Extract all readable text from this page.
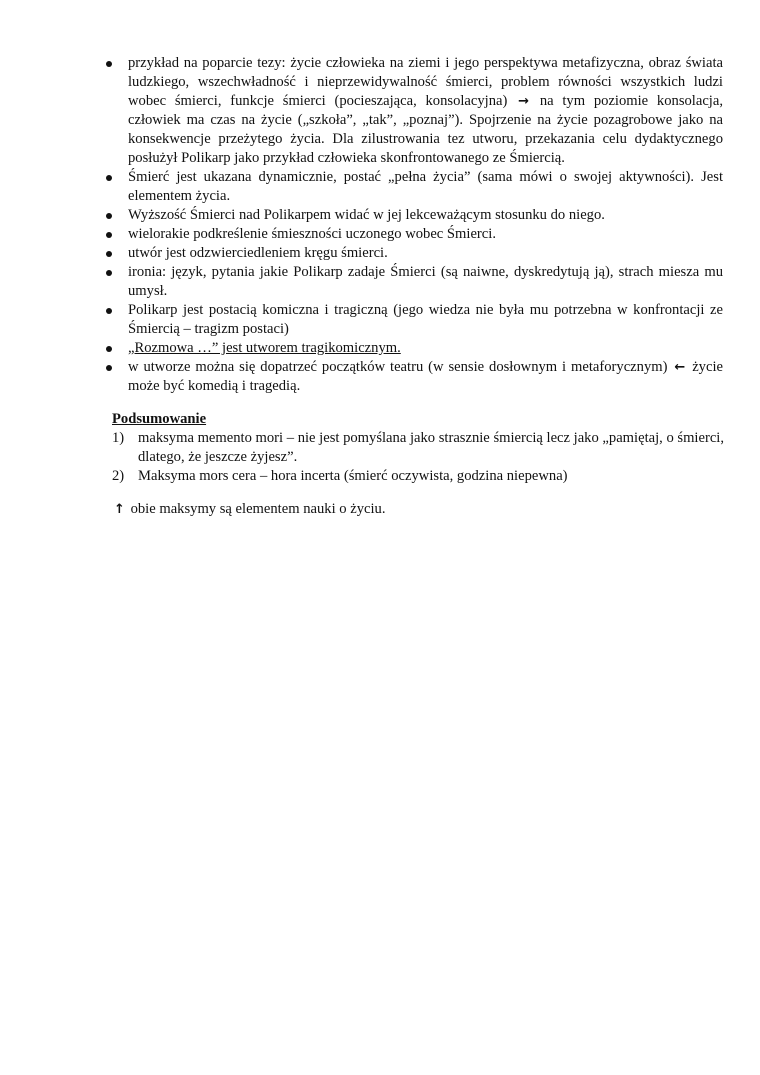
przykład na poparcie tezy: życie człowieka na ziemi i jego perspektywa metafizyczna, obraz świata ludzkiego, wszechwładność i nieprzewidywalność śmierci, problem równości wszystkich ludzi wobec śmierci, funkcje śmierci (pocieszająca, konsolacyjna) → na tym poziomie konsolacja, człowiek ma czas na życie („szkoła”, „tak”, „poznaj”). Spojrzenie na życie pozagrobowe jako na konsekwencje przeżytego życia. Dla zilustrowania tez utworu, przekazania celu dydaktycznego posłużył Polikarp jako przykład człowieka skonfrontowanego ze Śmiercią.
Śmierć jest ukazana dynamicznie, postać „pełna życia” (sama mówi o swojej aktywności). Jest elementem życia.
Wyższość Śmierci nad Polikarpem widać w jej lekceważącym stosunku do niego.
wielorakie podkreślenie śmieszności uczonego wobec Śmierci.
utwór jest odzwierciedleniem kręgu śmierci.
ironia: język, pytania jakie Polikarp zadaje Śmierci (są naiwne, dyskredytują ją), strach miesza mu umysł.
Polikarp jest postacią komiczna i tragiczną (jego wiedza nie była mu potrzebna w konfrontacji ze Śmiercią – tragizm postaci)
„Rozmowa …” jest utworem tragikomicznym.
w utworze można się dopatrzeć początków teatru (w sensie dosłownym i metaforycznym) ← życie może być komedią i tragedią.
Podsumowanie
1) maksyma memento mori – nie jest pomyślana jako strasznie śmiercią lecz jako „pamiętaj, o śmierci, dlatego, że jeszcze żyjesz”.
2) Maksyma mors cera – hora incerta (śmierć oczywista, godzina niepewna)
↑ obie maksymy są elementem nauki o życiu.
